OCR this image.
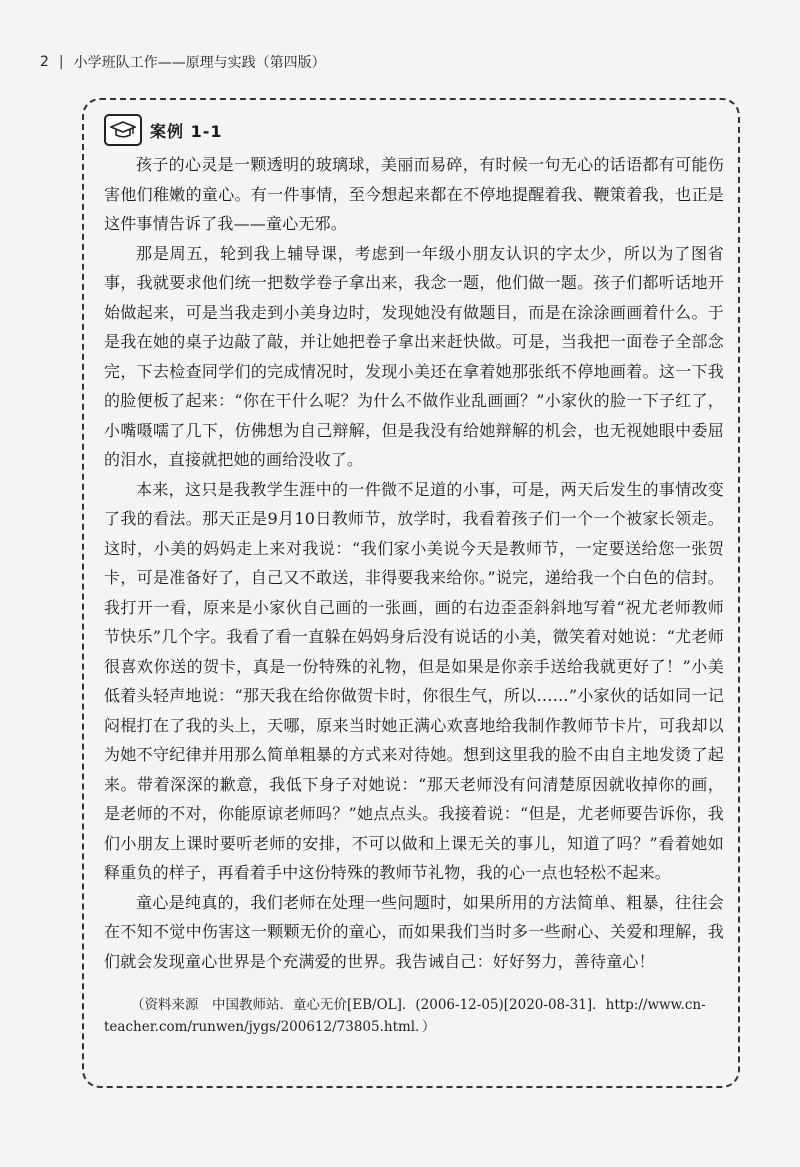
2 | 小学班队工作——原理与实践（第四版）
案例 1-1

孩子的心灵是一颗透明的玻璃球，美丽而易碎，有时候一句无心的话语都有可能伤害他们稚嫩的童心。有一件事情，至今想起来都在不停地提醒着我、鞭策着我，也正是这件事情告诉了我——童心无邪。

那是周五，轮到我上辅导课，考虑到一年级小朋友认识的字太少，所以为了图省事，我就要求他们统一把数学卷子拿出来，我念一题，他们做一题。孩子们都听话地开始做起来，可是当我走到小美身边时，发现她没有做题目，而是在涂涂画画着什么。于是我在她的桌子边敲了敲，并让她把卷子拿出来赶快做。可是，当我把一面卷子全部念完，下去检查同学们的完成情况时，发现小美还在拿着她那张纸不停地画着。这一下我的脸便板了起来：“你在干什么呢？为什么不做作业乱画画？”小家伙的脸一下子红了，小嘴嗫嚅了几下，仿佛想为自己辩解，但是我没有给她辩解的机会，也无视她眼中委屈的泪水，直接就把她的画给没收了。

本来，这只是我教学生涯中的一件微不足道的小事，可是，两天后发生的事情改变了我的看法。那天正是9月10日教师节，放学时，我看着孩子们一个一个被家长领走。这时，小美的妈妈走上来对我说：“我们家小美说今天是教师节，一定要送给您一张贺卡，可是准备好了，自己又不敢送，非得要我来给你。”说完，递给我一个白色的信封。我打开一看，原来是小家伙自己画的一张画，画的右边歪歪斜斜地写着“祝尤老师教师节快乐”几个字。我看了看一直躲在妈妈身后没有说话的小美，微笑着对她说：“尤老师很喜欢你送的贺卡，真是一份特殊的礼物，但是如果是你亲手送给我就更好了！”小美低着头轻声地说：“那天我在给你做贺卡时，你很生气，所以……”小家伙的话如同一记闷棍打在了我的头上，天哪，原来当时她正满心欢喜地给我制作教师节卡片，可我却以为她不守纪律并用那么简单粗暴的方式来对待她。想到这里我的脸不由自主地发烫了起来。带着深深的歉意，我低下身子对她说：“那天老师没有问清楚原因就收掉你的画，是老师的不对，你能原谅老师吗？”她点点头。我接着说：“但是，尤老师要告诉你，我们小朋友上课时要听老师的安排，不可以做和上课无关的事儿，知道了吗？”看着她如释重负的样子，再看着手中这份特殊的教师节礼物，我的心一点也轻松不起来。

童心是纯真的，我们老师在处理一些问题时，如果所用的方法简单、粗暴，往往会在不知不觉中伤害这一颗颗无价的童心，而如果我们当时多一些耐心、关爱和理解，我们就会发现童心世界是个充满爱的世界。我告诫自己：好好努力，善待童心！

（资料来源　中国教师站．童心无价[EB/OL]．(2006-12-05)[2020-08-31]．http://www.cn-teacher.com/runwen/jygs/200612/73805.html．）
